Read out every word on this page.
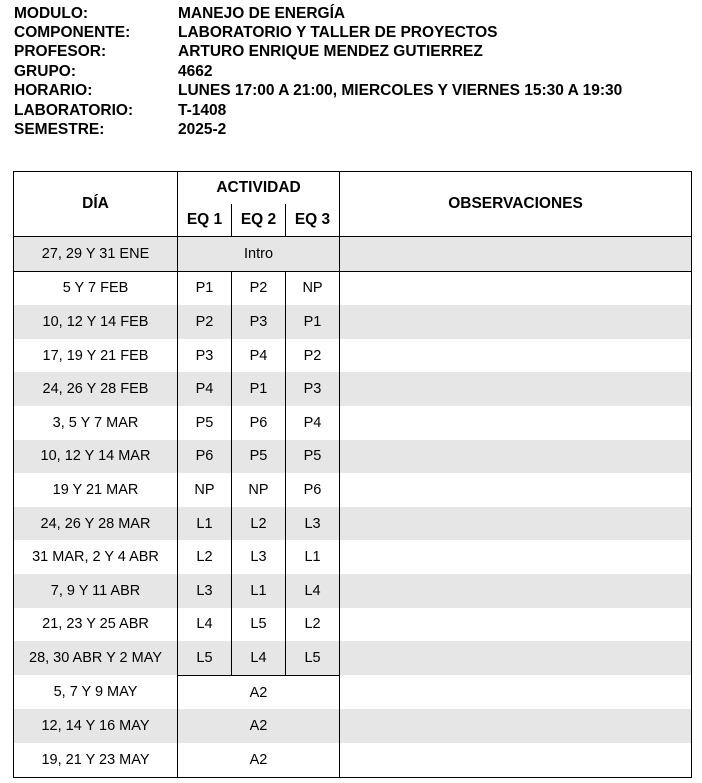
MODULO:	MANEJO DE ENERGÍA
COMPONENTE:	LABORATORIO Y TALLER DE PROYECTOS
PROFESOR:	ARTURO ENRIQUE MENDEZ GUTIERREZ
GRUPO:	4662
HORARIO:	LUNES 17:00 A 21:00, MIERCOLES Y VIERNES 15:30 A 19:30
LABORATORIO:	T-1408
SEMESTRE:	2025-2
DÍA	ACTIVIDAD			OBSERVACIONES
	EQ 1	EQ 2	EQ 3	
27, 29 Y 31 ENE	Intro			
5 Y 7 FEB	P1	P2	NP	
10, 12 Y 14 FEB	P2	P3	P1	
17, 19 Y 21 FEB	P3	P4	P2	
24, 26 Y 28 FEB	P4	P1	P3	
3, 5 Y 7 MAR	P5	P6	P4	
10, 12 Y 14 MAR	P6	P5	P5	
19 Y 21 MAR	NP	NP	P6	
24, 26 Y 28 MAR	L1	L2	L3	
31 MAR, 2 Y 4 ABR	L2	L3	L1	
7, 9 Y 11 ABR	L3	L1	L4	
21, 23 Y 25 ABR	L4	L5	L2	
28, 30 ABR Y 2 MAY	L5	L4	L5	
5, 7 Y 9 MAY	A2			
12, 14 Y 16 MAY	A2			
19, 21 Y 23 MAY	A2			
